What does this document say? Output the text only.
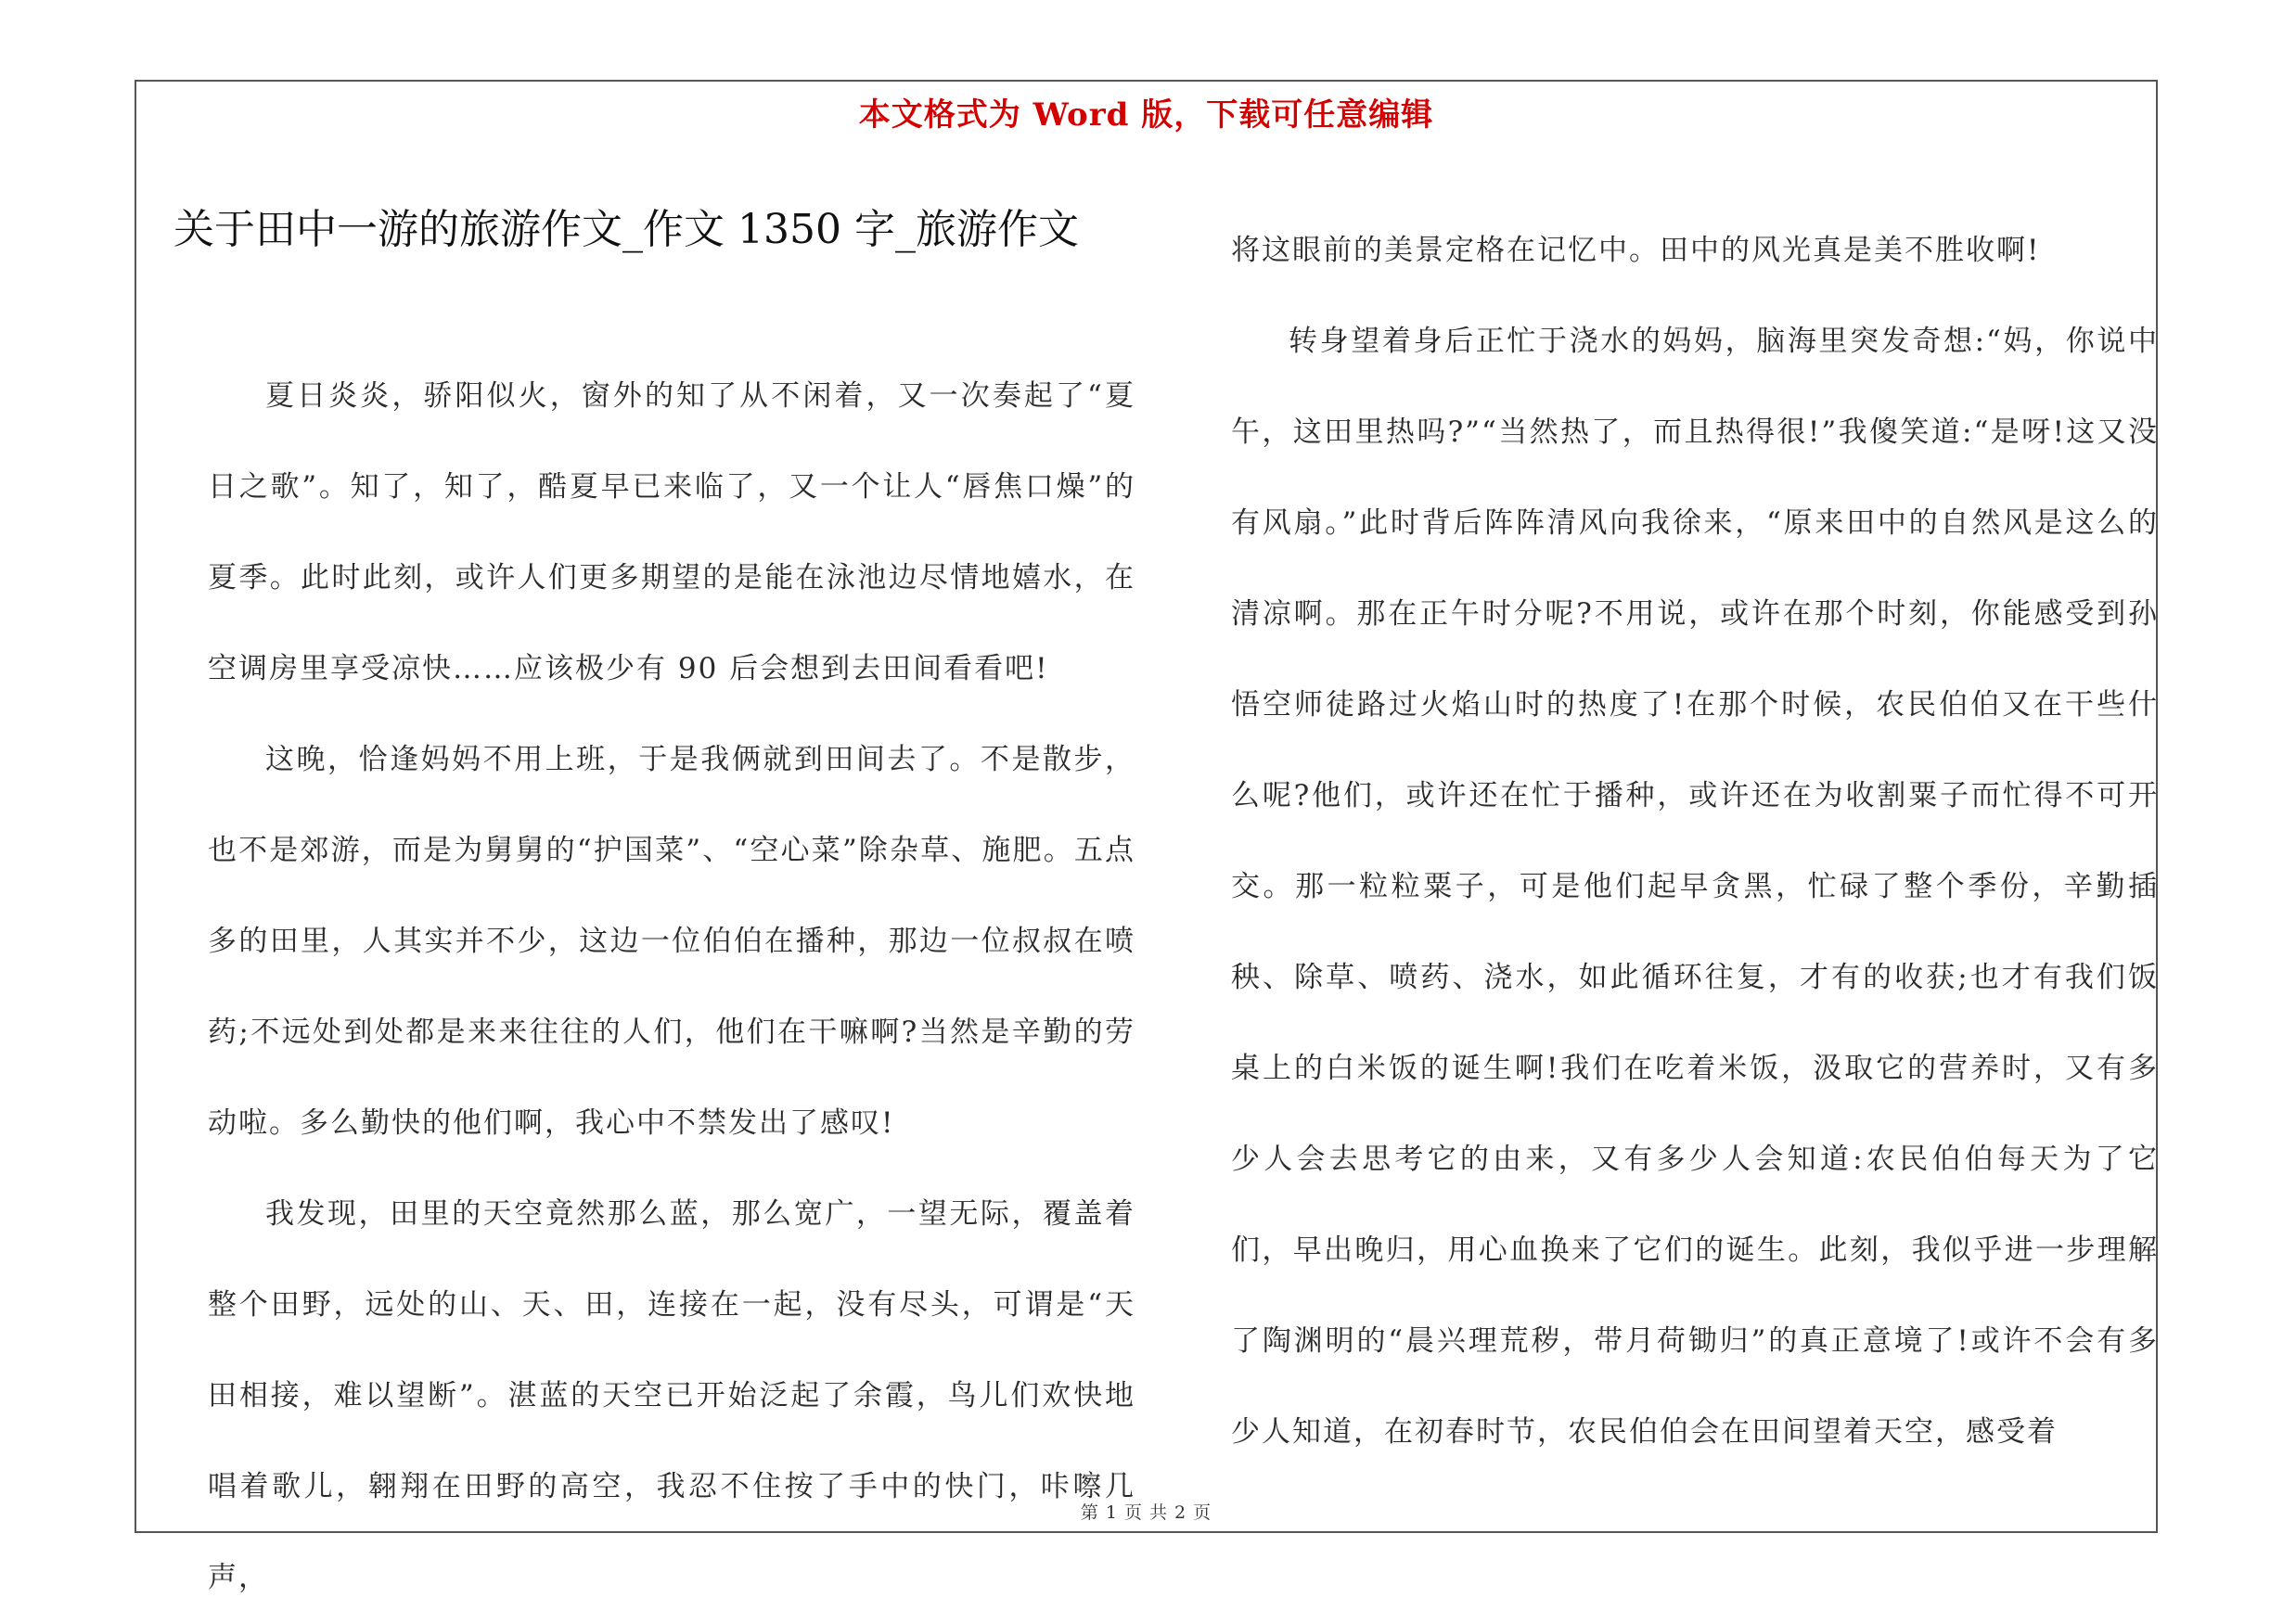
本文格式为 Word 版，下载可任意编辑
关于田中一游的旅游作文_作文 1350 字_旅游作文

夏日炎炎，骄阳似火，窗外的知了从不闲着，又一次奏起了“夏日之歌”。知了，知了，酷夏早已来临了，又一个让人“唇焦口燥”的夏季。此时此刻，或许人们更多期望的是能在泳池边尽情地嬉水，在空调房里享受凉快……应该极少有 90 后会想到去田间看看吧!

这晚，恰逢妈妈不用上班，于是我俩就到田间去了。不是散步，也不是郊游，而是为舅舅的“护国菜”、“空心菜”除杂草、施肥。五点多的田里，人其实并不少，这边一位伯伯在播种，那边一位叔叔在喷药;不远处到处都是来来往往的人们，他们在干嘛啊?当然是辛勤的劳动啦。多么勤快的他们啊，我心中不禁发出了感叹!

我发现，田里的天空竟然那么蓝，那么宽广，一望无际，覆盖着整个田野，远处的山、天、田，连接在一起，没有尽头，可谓是“天田相接，难以望断”。湛蓝的天空已开始泛起了余霞，鸟儿们欢快地唱着歌儿，翱翔在田野的高空，我忍不住按了手中的快门，咔嚓几声，

将这眼前的美景定格在记忆中。田中的风光真是美不胜收啊!

转身望着身后正忙于浇水的妈妈，脑海里突发奇想:“妈，你说中午，这田里热吗?”“当然热了，而且热得很!”我傻笑道:“是呀!这又没有风扇。”此时背后阵阵清风向我徐来，“原来田中的自然风是这么的清凉啊。那在正午时分呢?不用说，或许在那个时刻，你能感受到孙悟空师徒路过火焰山时的热度了!在那个时候，农民伯伯又在干些什么呢?他们，或许还在忙于播种，或许还在为收割粟子而忙得不可开交。那一粒粒粟子，可是他们起早贪黑，忙碌了整个季份，辛勤插秧、除草、喷药、浇水，如此循环往复，才有的收获;也才有我们饭桌上的白米饭的诞生啊!我们在吃着米饭，汲取它的营养时，又有多少人会去思考它的由来，又有多少人会知道:农民伯伯每天为了它们，早出晚归，用心血换来了它们的诞生。此刻，我似乎进一步理解了陶渊明的“晨兴理荒秽，带月荷锄归”的真正意境了!或许不会有多少人知道，在初春时节，农民伯伯会在田间望着天空，感受着

第 1 页 共 2 页
